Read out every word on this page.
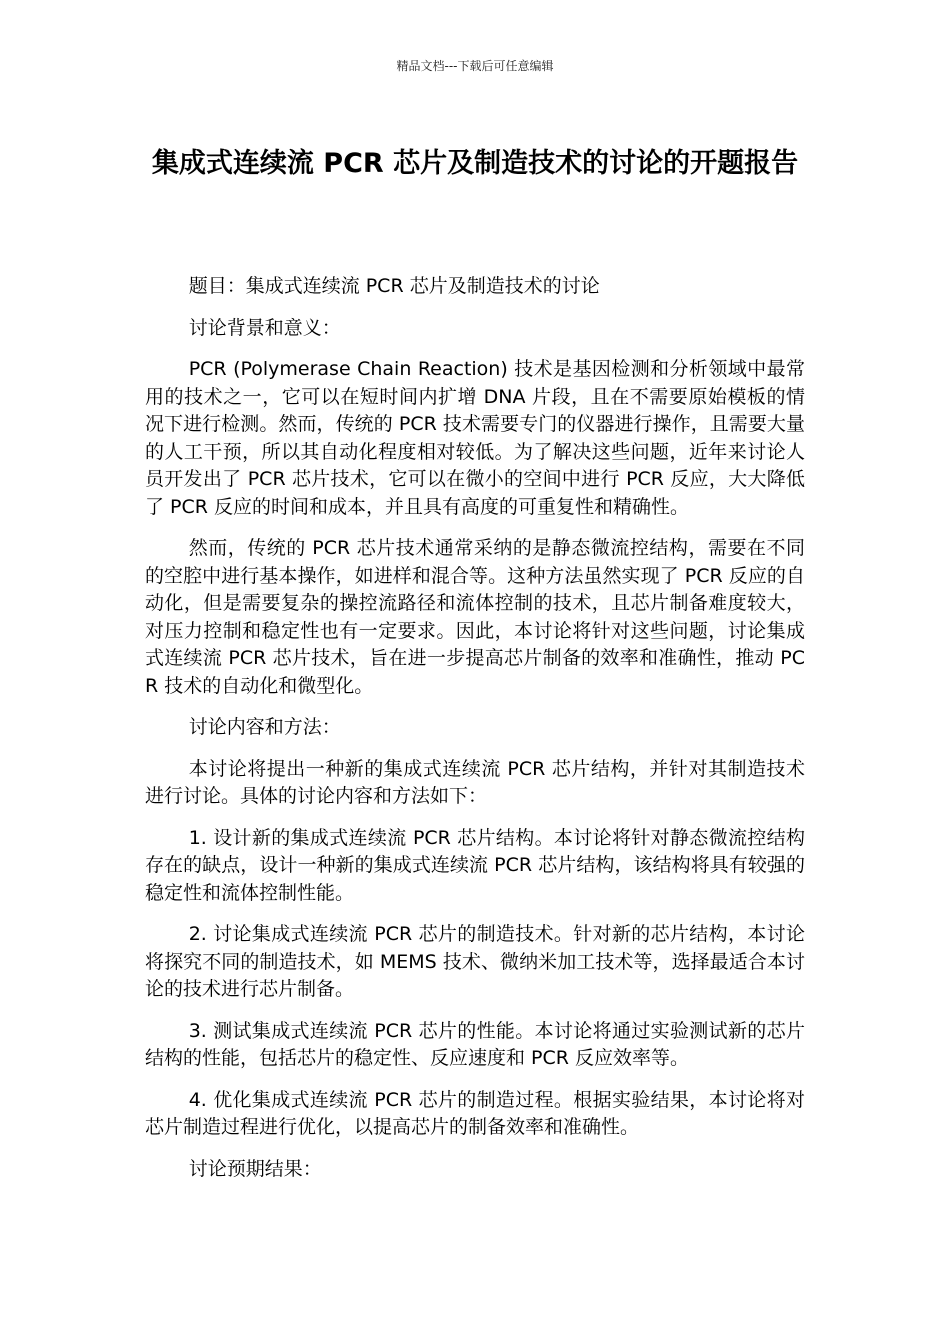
精品文档---下载后可任意编辑
集成式连续流 PCR 芯片及制造技术的讨论的开题报告

题目：集成式连续流 PCR 芯片及制造技术的讨论

讨论背景和意义：

PCR (Polymerase Chain Reaction) 技术是基因检测和分析领域中最常用的技术之一，它可以在短时间内扩增 DNA 片段，且在不需要原始模板的情况下进行检测。然而，传统的 PCR 技术需要专门的仪器进行操作，且需要大量的人工干预，所以其自动化程度相对较低。为了解决这些问题，近年来讨论人员开发出了 PCR 芯片技术，它可以在微小的空间中进行 PCR 反应，大大降低了 PCR 反应的时间和成本，并且具有高度的可重复性和精确性。

然而，传统的 PCR 芯片技术通常采纳的是静态微流控结构，需要在不同的空腔中进行基本操作，如进样和混合等。这种方法虽然实现了 PCR 反应的自动化，但是需要复杂的操控流路径和流体控制的技术，且芯片制备难度较大，对压力控制和稳定性也有一定要求。因此，本讨论将针对这些问题，讨论集成式连续流 PCR 芯片技术，旨在进一步提高芯片制备的效率和准确性，推动 PCR 技术的自动化和微型化。

讨论内容和方法：

本讨论将提出一种新的集成式连续流 PCR 芯片结构，并针对其制造技术进行讨论。具体的讨论内容和方法如下：

1. 设计新的集成式连续流 PCR 芯片结构。本讨论将针对静态微流控结构存在的缺点，设计一种新的集成式连续流 PCR 芯片结构，该结构将具有较强的稳定性和流体控制性能。

2. 讨论集成式连续流 PCR 芯片的制造技术。针对新的芯片结构，本讨论将探究不同的制造技术，如 MEMS 技术、微纳米加工技术等，选择最适合本讨论的技术进行芯片制备。

3. 测试集成式连续流 PCR 芯片的性能。本讨论将通过实验测试新的芯片结构的性能，包括芯片的稳定性、反应速度和 PCR 反应效率等。

4. 优化集成式连续流 PCR 芯片的制造过程。根据实验结果，本讨论将对芯片制造过程进行优化，以提高芯片的制备效率和准确性。

讨论预期结果：
